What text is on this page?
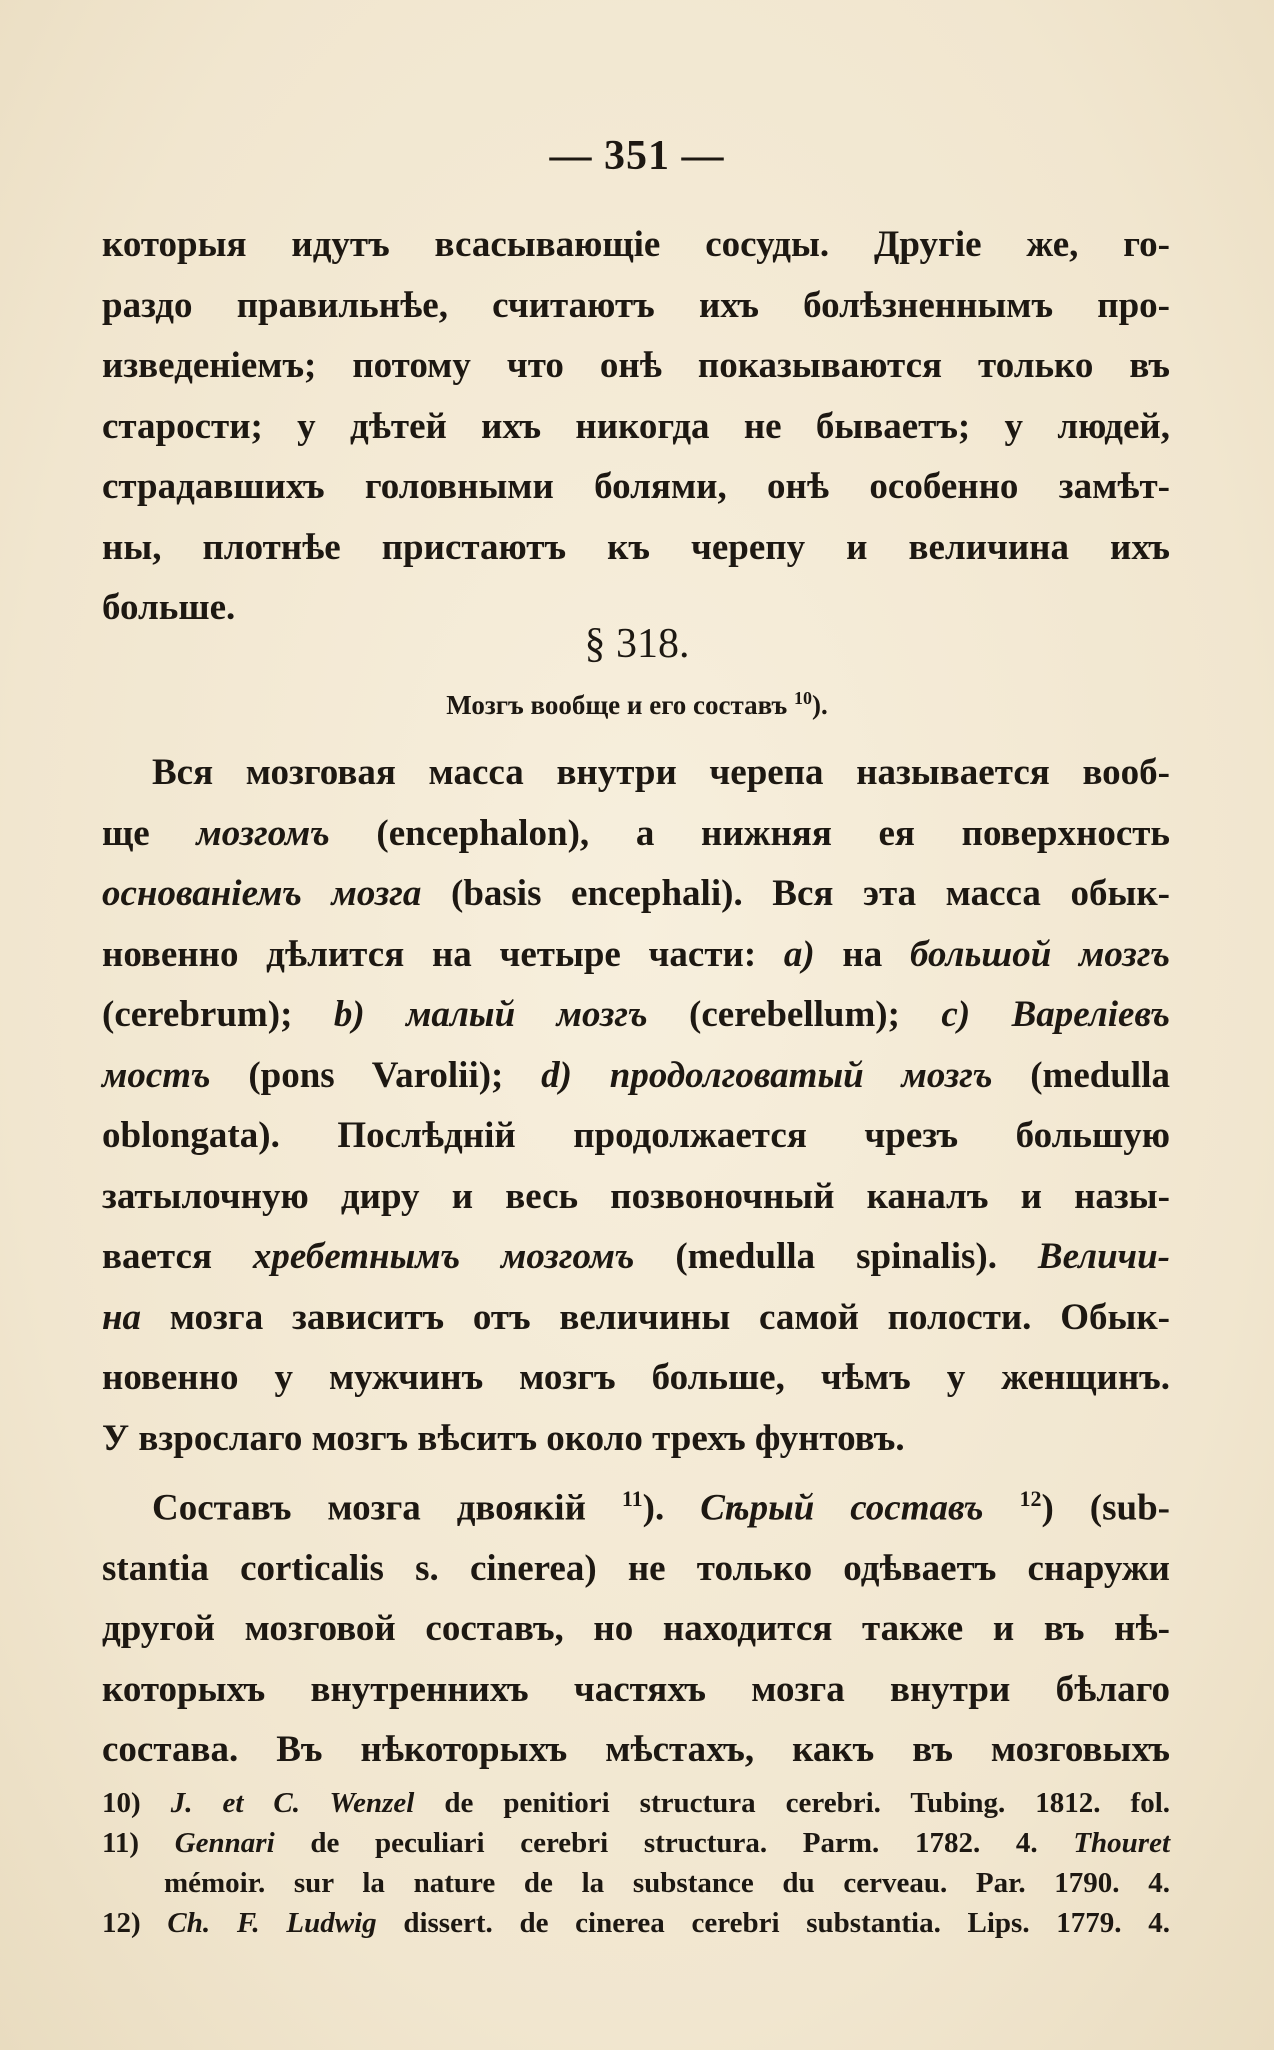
— 351 —
которыя идутъ всасывающіе сосуды. Другіе же, го-
раздо правильнѣе, считаютъ ихъ болѣзненнымъ про-
изведеніемъ; потому что онѣ показываются только въ
старости; у дѣтей ихъ никогда не бываетъ; у людей,
страдавшихъ головными болями, онѣ особенно замѣт-
ны, плотнѣе пристаютъ къ черепу и величина ихъ
больше.
§ 318.
Мозгъ вообще и его составъ $^{10}$).
Вся мозговая масса внутри черепа называется вооб-
ще мозгомъ (encephalon), а нижняя ея поверхность
основаніемъ мозга (basis encephali). Вся эта масса обык-
новенно дѣлится на четыре части: a) на большой мозгъ
(cerebrum); b) малый мозгъ (cerebellum); c) Вареліевъ
мостъ (pons Varolii); d) продолговатый мозгъ (medulla
oblongata). Послѣдній продолжается чрезъ большую
затылочную диру и весь позвоночный каналъ и назы-
вается хребетнымъ мозгомъ (medulla spinalis). Величи-
на мозга зависитъ отъ величины самой полости. Обык-
новенно у мужчинъ мозгъ больше, чѣмъ у женщинъ.
У взрослаго мозгъ вѣситъ около трехъ фунтовъ.
Составъ мозга двоякій $^{11}$). Сѣрый составъ $^{12}$) (sub-
stantia corticalis s. cinerea) не только одѣваетъ снаружи
другой мозговой составъ, но находится также и въ нѣ-
которыхъ внутреннихъ частяхъ мозга внутри бѣлаго
состава. Въ нѣкоторыхъ мѣстахъ, какъ въ мозговыхъ
10) J. et C. Wenzel de penitiori structura cerebri. Tubing. 1812. fol.
11) Gennari de peculiari cerebri structura. Parm. 1782. 4. Thouret
mémoir. sur la nature de la substance du cerveau. Par. 1790. 4.
12) Ch. F. Ludwig dissert. de cinerea cerebri substantia. Lips. 1779. 4.
